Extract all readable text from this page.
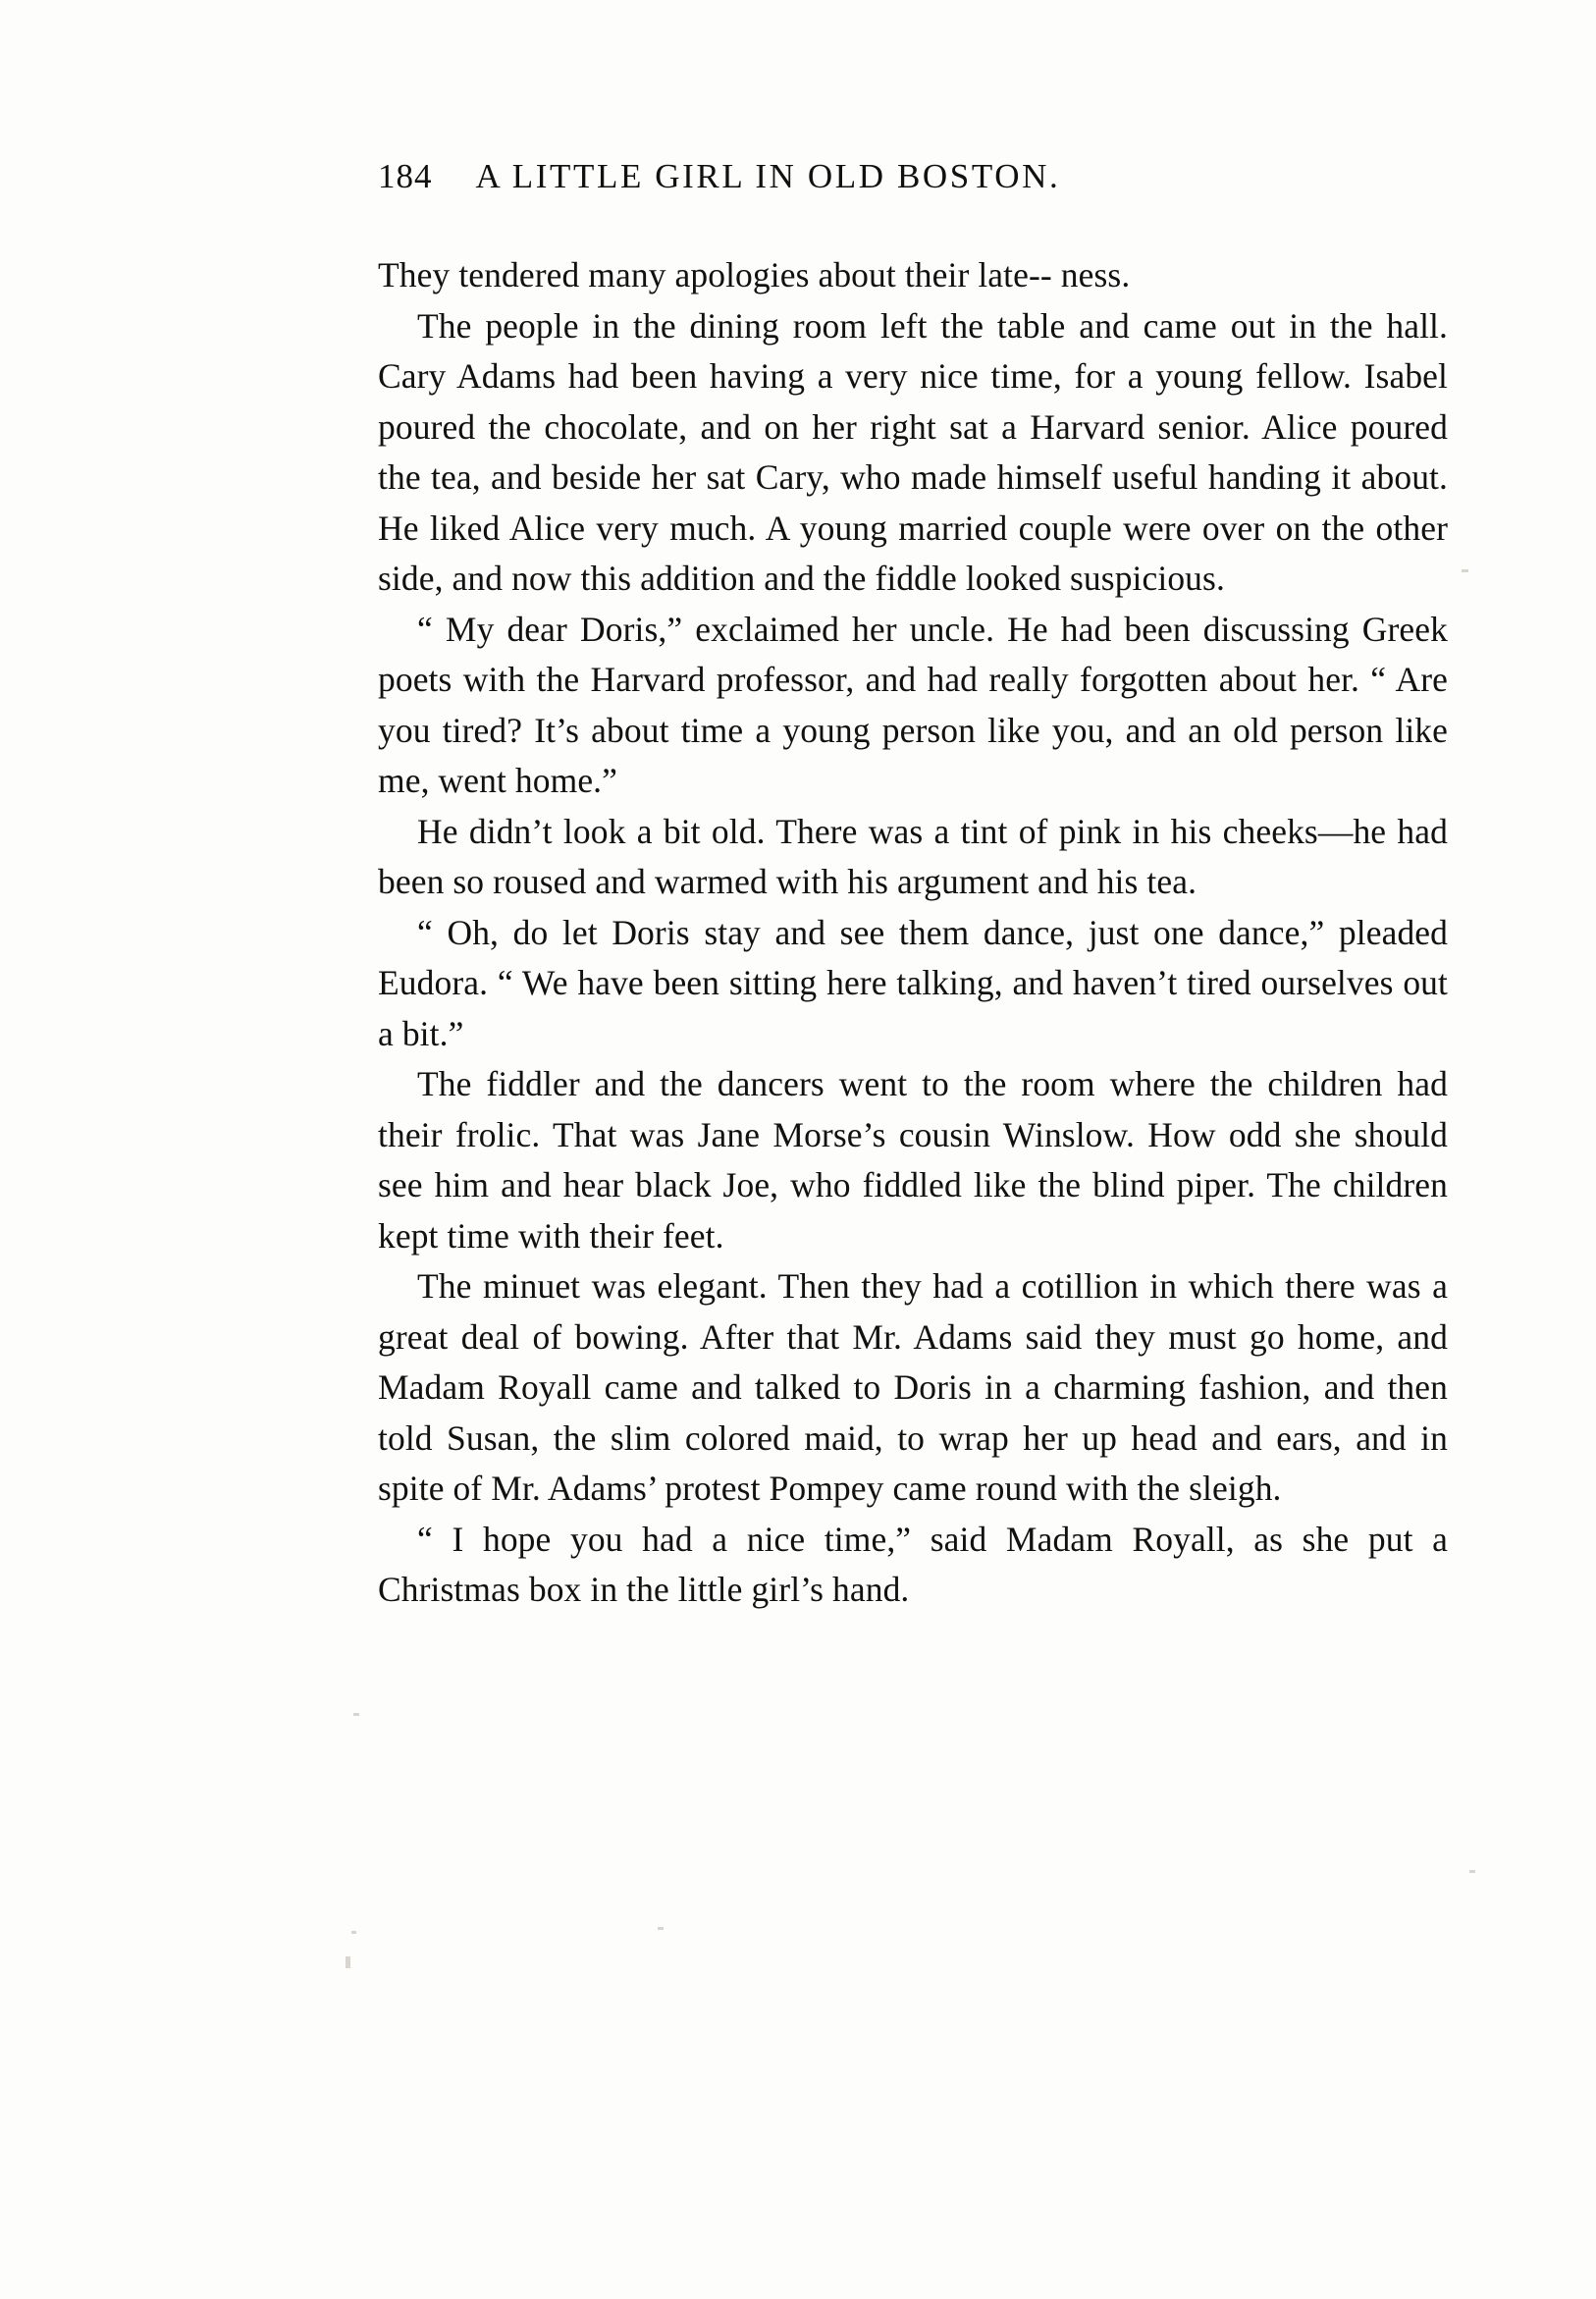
184 A LITTLE GIRL IN OLD BOSTON.

They tendered many apologies about their late-- ness.

The people in the dining room left the table and came out in the hall. Cary Adams had been having a very nice time, for a young fellow. Isabel poured the chocolate, and on her right sat a Harvard senior. Alice poured the tea, and beside her sat Cary, who made himself useful handing it about. He liked Alice very much. A young married couple were over on the other side, and now this addition and the fiddle looked suspicious.

“ My dear Doris,” exclaimed her uncle. He had been discussing Greek poets with the Harvard professor, and had really forgotten about her. “ Are you tired? It’s about time a young person like you, and an old person like me, went home.”

He didn’t look a bit old. There was a tint of pink in his cheeks—he had been so roused and warmed with his argument and his tea.

“ Oh, do let Doris stay and see them dance, just one dance,” pleaded Eudora. “ We have been sitting here talking, and haven’t tired ourselves out a bit.”

The fiddler and the dancers went to the room where the children had their frolic. That was Jane Morse’s cousin Winslow. How odd she should see him and hear black Joe, who fiddled like the blind piper. The children kept time with their feet.

The minuet was elegant. Then they had a cotillion in which there was a great deal of bowing. After that Mr. Adams said they must go home, and Madam Royall came and talked to Doris in a charming fashion, and then told Susan, the slim colored maid, to wrap her up head and ears, and in spite of Mr. Adams’ protest Pompey came round with the sleigh.

“ I hope you had a nice time,” said Madam Royall, as she put a Christmas box in the little girl’s hand.
